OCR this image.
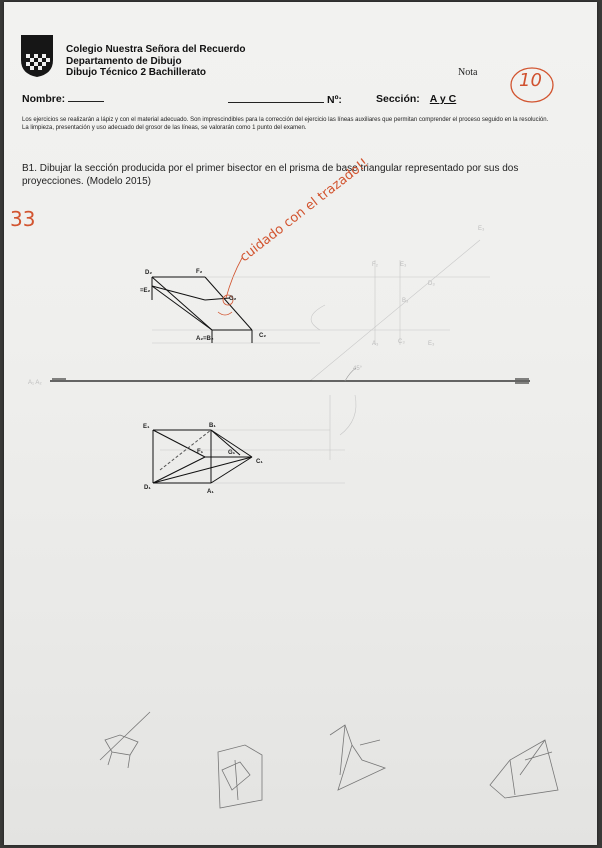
Colegio Nuestra Señora del Recuerdo
Departamento de Dibujo
Dibujo Técnico 2 Bachillerato	Nota 10
Nombre:	Nº:	Sección: A y C
Los ejercicios se realizarán a lápiz y con el material adecuado. Son imprescindibles para la corrección del ejercicio las líneas auxiliares que permitan comprender el proceso seguido en la resolución.
La limpieza, presentación y uso adecuado del grosor de las líneas, se valorarán como 1 punto del examen.
B1. Dibujar la sección producida por el primer bisector en el prisma de base triangular representado por sus dos proyecciones. (Modelo 2015)
33	cuidado con el trazado!!
A₁ A₂
45°
D₂	F₂
=E₂
G₂
A₂=B₂	C₂
F₂	E₃
D₃
B₃
A₃	C₃	E₃
E₃
E₁	B₁
F₁	G₁
C₁
D₁
A₁
